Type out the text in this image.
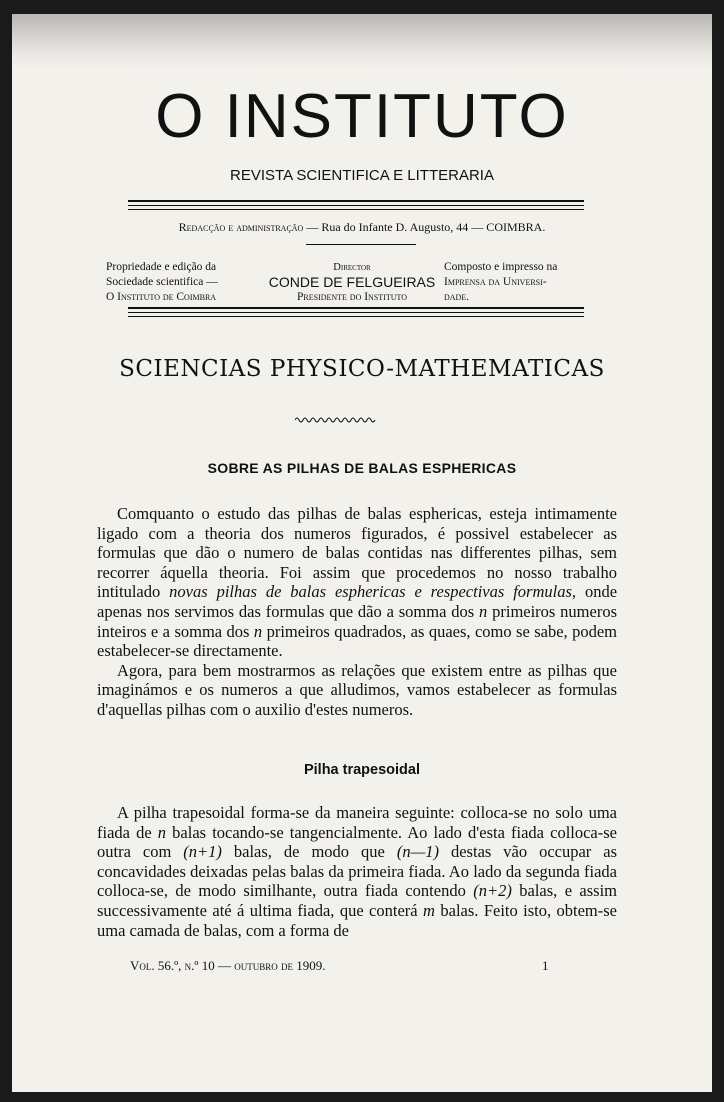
O INSTITUTO
REVISTA SCIENTIFICA E LITTERARIA
Redacção e administração — Rua do Infante D. Augusto, 44 — COIMBRA.
Propriedade e edição da
Sociedade scientifica —
O Instituto de Coimbra
Director
CONDE DE FELGUEIRAS
Presidente do Instituto
Composto e impresso na
Imprensa da Universi-
dade.
SCIENCIAS PHYSICO-MATHEMATICAS
SOBRE AS PILHAS DE BALAS ESPHERICAS

Comquanto o estudo das pilhas de balas esphericas, esteja intimamente ligado com a theoria dos numeros figurados, é possivel estabelecer as formulas que dão o numero de balas contidas nas differentes pilhas, sem recorrer áquella theoria. Foi assim que procedemos no nosso trabalho intitulado novas pilhas de balas esphericas e respectivas formulas, onde apenas nos servimos das formulas que dão a somma dos n primeiros numeros inteiros e a somma dos n primeiros quadrados, as quaes, como se sabe, podem estabelecer-se directamente.

Agora, para bem mostrarmos as relações que existem entre as pilhas que imaginámos e os numeros a que alludimos, vamos estabelecer as formulas d'aquellas pilhas com o auxilio d'estes numeros.

Pilha trapesoidal

A pilha trapesoidal forma-se da maneira seguinte: colloca-se no solo uma fiada de n balas tocando-se tangencialmente. Ao lado d'esta fiada colloca-se outra com (n+1) balas, de modo que (n—1) destas vão occupar as concavidades deixadas pelas balas da primeira fiada. Ao lado da segunda fiada colloca-se, de modo similhante, outra fiada contendo (n+2) balas, e assim successivamente até á ultima fiada, que conterá m balas. Feito isto, obtem-se uma camada de balas, com a forma de

Vol. 56.º, n.º 10 — outubro de 1909.	1
